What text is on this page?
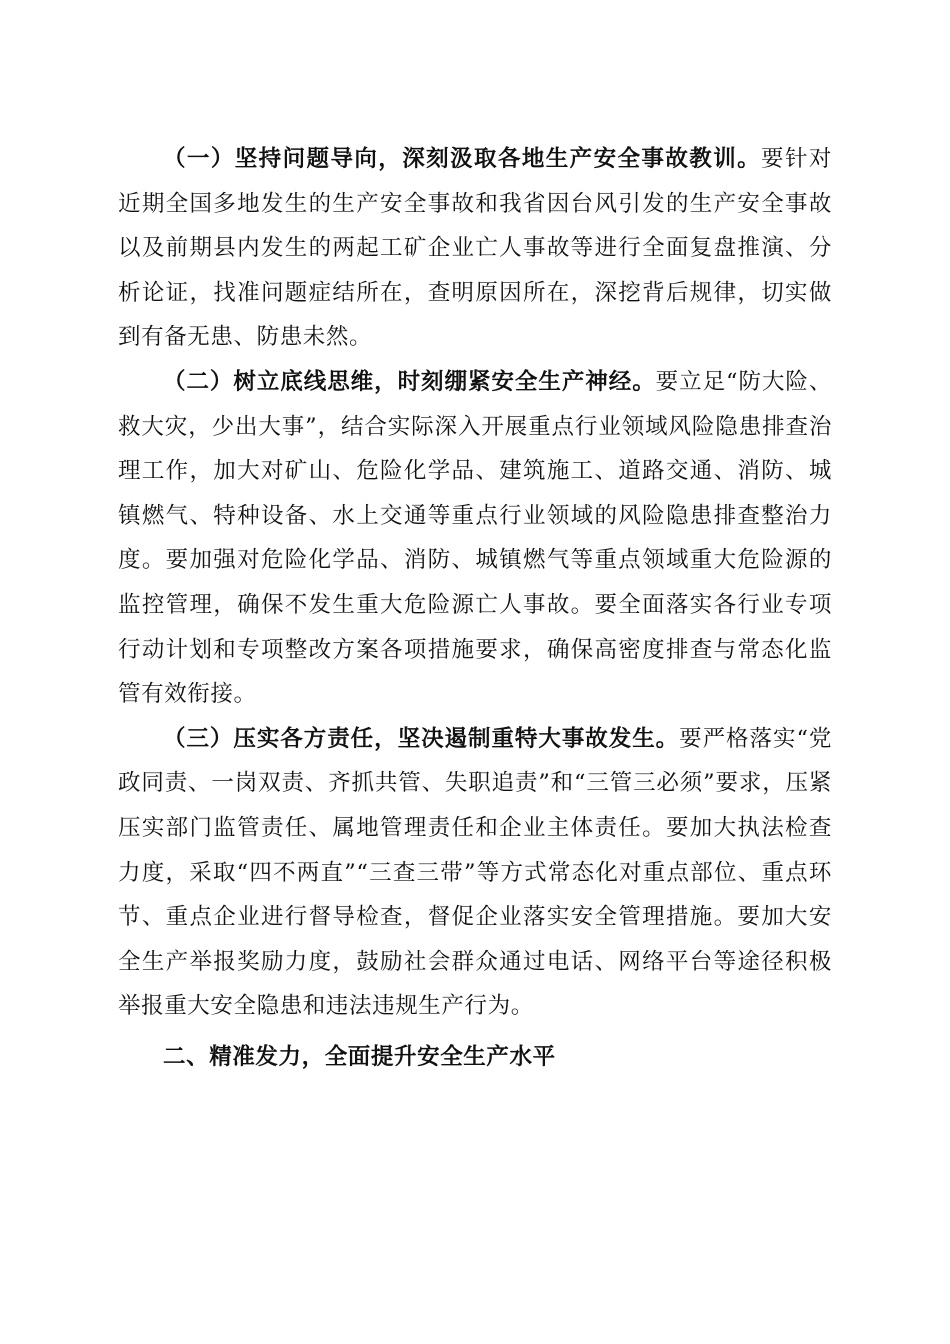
（一）坚持问题导向，深刻汲取各地生产安全事故教训。要针对近期全国多地发生的生产安全事故和我省因台风引发的生产安全事故以及前期县内发生的两起工矿企业亡人事故等进行全面复盘推演、分析论证，找准问题症结所在，查明原因所在，深挖背后规律，切实做到有备无患、防患未然。

（二）树立底线思维，时刻绷紧安全生产神经。要立足“防大险、救大灾，少出大事”，结合实际深入开展重点行业领域风险隐患排查治理工作，加大对矿山、危险化学品、建筑施工、道路交通、消防、城镇燃气、特种设备、水上交通等重点行业领域的风险隐患排查整治力度。要加强对危险化学品、消防、城镇燃气等重点领域重大危险源的监控管理，确保不发生重大危险源亡人事故。要全面落实各行业专项行动计划和专项整改方案各项措施要求，确保高密度排查与常态化监管有效衔接。

（三）压实各方责任，坚决遏制重特大事故发生。要严格落实“党政同责、一岗双责、齐抓共管、失职追责”和“三管三必须”要求，压紧压实部门监管责任、属地管理责任和企业主体责任。要加大执法检查力度，采取“四不两直”“三查三带”等方式常态化对重点部位、重点环节、重点企业进行督导检查，督促企业落实安全管理措施。要加大安全生产举报奖励力度，鼓励社会群众通过电话、网络平台等途径积极举报重大安全隐患和违法违规生产行为。

二、精准发力，全面提升安全生产水平
